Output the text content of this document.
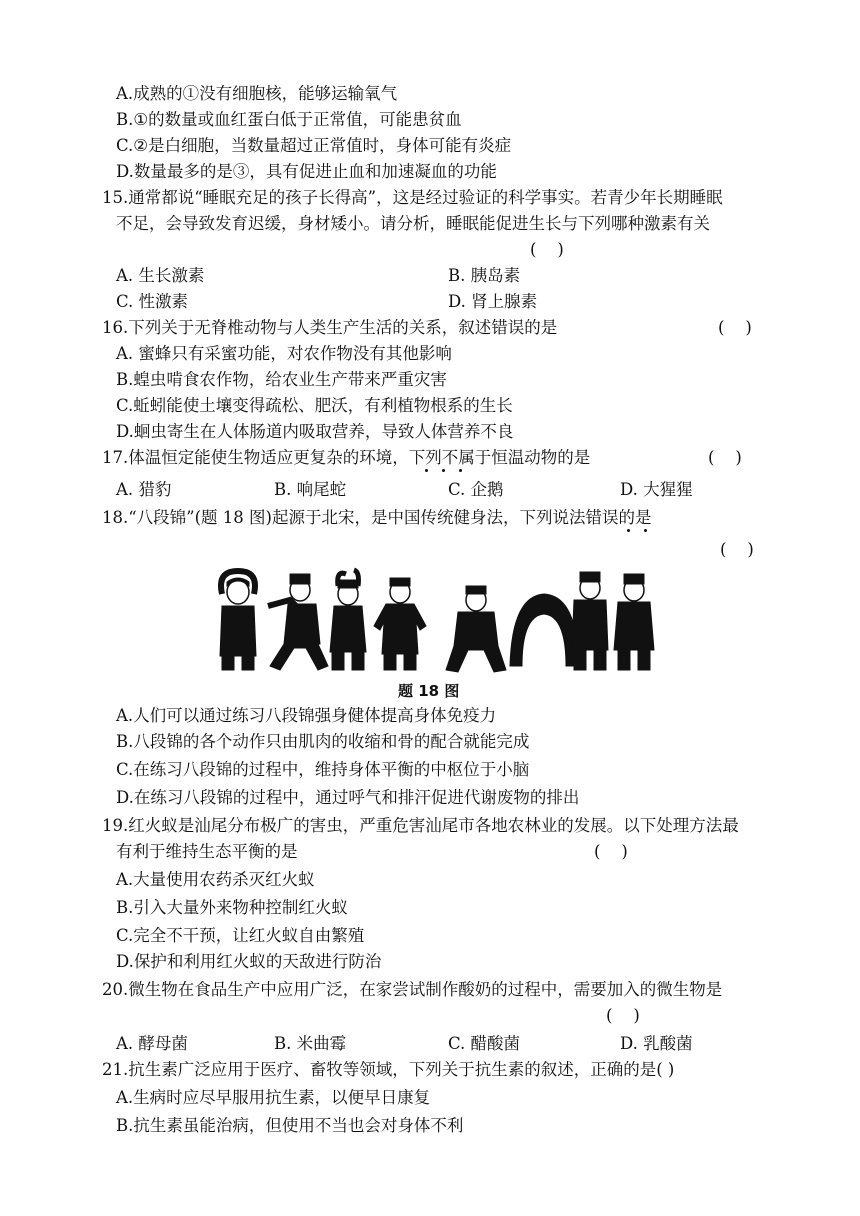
A.成熟的①没有细胞核，能够运输氧气
B.①的数量或血红蛋白低于正常值，可能患贫血
C.②是白细胞，当数量超过正常值时，身体可能有炎症
D.数量最多的是③，具有促进止血和加速凝血的功能
15.通常都说“睡眠充足的孩子长得高”，这是经过验证的科学事实。若青少年长期睡眠
不足，会导致发育迟缓，身材矮小。请分析，睡眠能促进生长与下列哪种激素有关
(    )
A. 生长激素	B. 胰岛素
C. 性激素	D. 肾上腺素
16.下列关于无脊椎动物与人类生产生活的关系，叙述错误的是	(    )
A. 蜜蜂只有采蜜功能，对农作物没有其他影响
B.蝗虫啃食农作物，给农业生产带来严重灾害
C.蚯蚓能使土壤变得疏松、肥沃，有利植物根系的生长
D.蛔虫寄生在人体肠道内吸取营养，导致人体营养不良
17.体温恒定能使生物适应更复杂的环境，下列不属于恒温动物的是	(    )
A. 猎豹	B. 响尾蛇	C. 企鹅	D. 大猩猩
18.“八段锦”(题 18 图)起源于北宋，是中国传统健身法，下列说法错误的是
(    )
题 18 图
A.人们可以通过练习八段锦强身健体提高身体免疫力
B.八段锦的各个动作只由肌肉的收缩和骨的配合就能完成
C.在练习八段锦的过程中，维持身体平衡的中枢位于小脑
D.在练习八段锦的过程中，通过呼气和排汗促进代谢废物的排出
19.红火蚁是汕尾分布极广的害虫，严重危害汕尾市各地农林业的发展。以下处理方法最
有利于维持生态平衡的是	(    )
A.大量使用农药杀灭红火蚁
B.引入大量外来物种控制红火蚁
C.完全不干预，让红火蚁自由繁殖
D.保护和利用红火蚁的天敌进行防治
20.微生物在食品生产中应用广泛，在家尝试制作酸奶的过程中，需要加入的微生物是
(    )
A. 酵母菌	B. 米曲霉	C. 醋酸菌	D. 乳酸菌
21.抗生素广泛应用于医疗、畜牧等领域，下列关于抗生素的叙述，正确的是( )
A.生病时应尽早服用抗生素，以便早日康复
B.抗生素虽能治病，但使用不当也会对身体不利
